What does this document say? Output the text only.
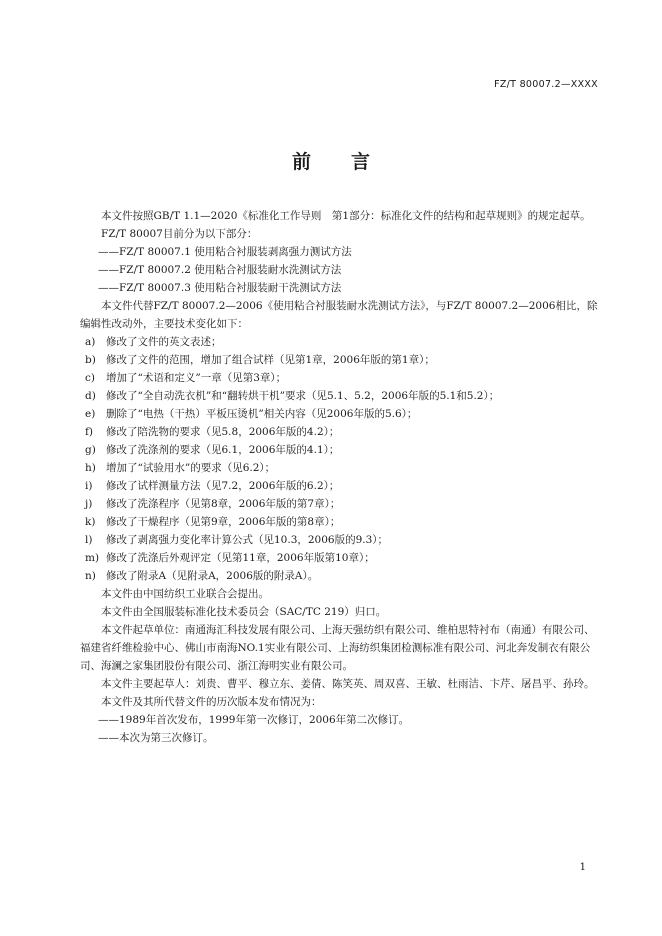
FZ/T 80007.2—XXXX
前言

本文件按照GB/T 1.1—2020《标准化工作导则　第1部分：标准化文件的结构和起草规则》的规定起草。

FZ/T 80007目前分为以下部分：

——FZ/T 80007.1 使用粘合衬服装剥离强力测试方法

——FZ/T 80007.2 使用粘合衬服装耐水洗测试方法

——FZ/T 80007.3 使用粘合衬服装耐干洗测试方法

本文件代替FZ/T 80007.2—2006《使用粘合衬服装耐水洗测试方法》，与FZ/T 80007.2—2006相比，除编辑性改动外，主要技术变化如下：

a) 修改了文件的英文表述；

b) 修改了文件的范围，增加了组合试样（见第1章，2006年版的第1章）；

c) 增加了“术语和定义”一章（见第3章）；

d) 修改了“全自动洗衣机”和“翻转烘干机”要求（见5.1、5.2，2006年版的5.1和5.2）；

e) 删除了“电热（干热）平板压烫机”相关内容（见2006年版的5.6）；

f) 修改了陪洗物的要求（见5.8，2006年版的4.2）；

g) 修改了洗涤剂的要求（见6.1，2006年版的4.1）；

h) 增加了“试验用水”的要求（见6.2）；

i) 修改了试样测量方法（见7.2，2006年版的6.2）；

j) 修改了洗涤程序（见第8章，2006年版的第7章）；

k) 修改了干燥程序（见第9章，2006年版的第8章）；

l) 修改了剥离强力变化率计算公式（见10.3，2006版的9.3）；

m) 修改了洗涤后外观评定（见第11章，2006年版第10章）；

n) 修改了附录A（见附录A，2006版的附录A）。

本文件由中国纺织工业联合会提出。

本文件由全国服装标准化技术委员会（SAC/TC 219）归口。

本文件起草单位：南通海汇科技发展有限公司、上海天强纺织有限公司、维柏思特衬布（南通）有限公司、福建省纤维检验中心、佛山市南海NO.1实业有限公司、上海纺织集团检测标准有限公司、河北奔发制衣有限公司、海澜之家集团股份有限公司、浙江海明实业有限公司。

本文件主要起草人：刘贵、曹平、穆立东、姜倩、陈笑英、周双喜、王敏、杜雨洁、卞芹、屠昌平、孙玲。

本文件及其所代替文件的历次版本发布情况为：

——1989年首次发布，1999年第一次修订，2006年第二次修订。

——本次为第三次修订。

1
